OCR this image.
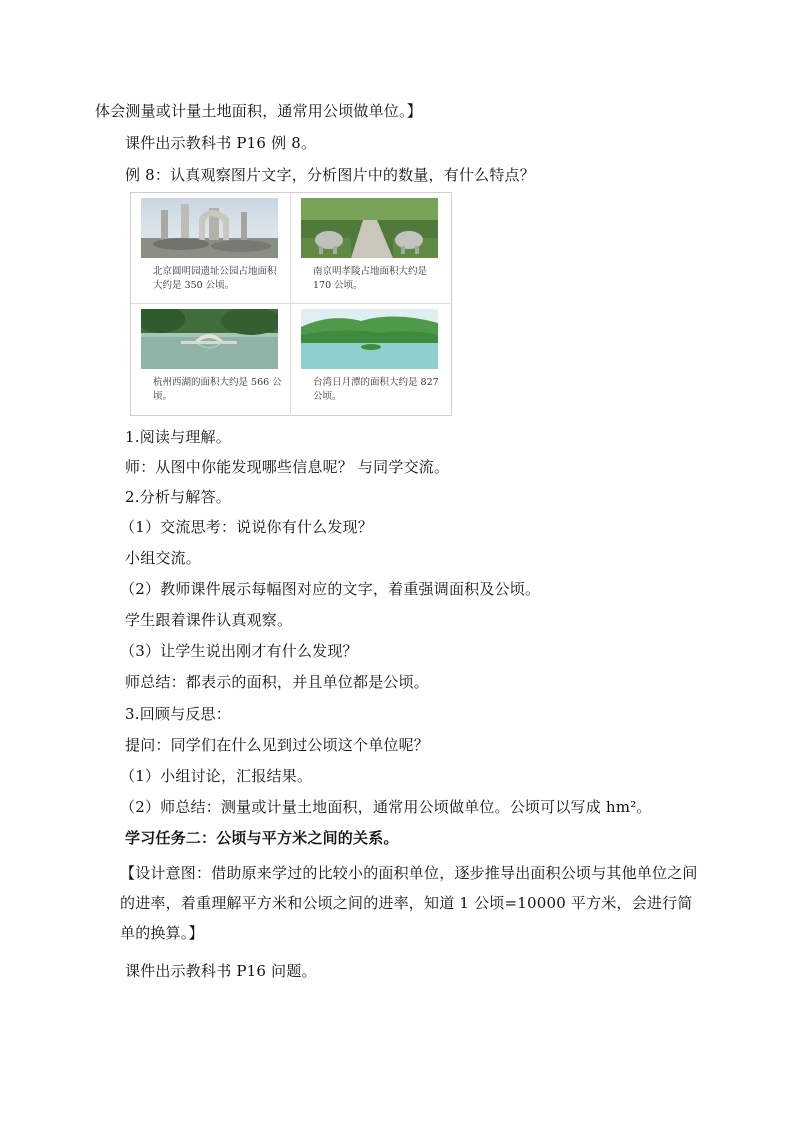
体会测量或计量土地面积，通常用公顷做单位。】
课件出示教科书 P16 例 8。
例 8：认真观察图片文字，分析图片中的数量，有什么特点？
北京圆明园遗址公园占地面积大约是 350 公顷。
南京明孝陵占地面积大约是 170 公顷。
杭州西湖的面积大约是 566 公顷。
台湾日月潭的面积大约是 827 公顷。
1.阅读与理解。
师：从图中你能发现哪些信息呢？ 与同学交流。
2.分析与解答。
（1）交流思考：说说你有什么发现？
小组交流。
（2）教师课件展示每幅图对应的文字，着重强调面积及公顷。
学生跟着课件认真观察。
（3）让学生说出刚才有什么发现？
师总结：都表示的面积，并且单位都是公顷。
3.回顾与反思：
提问：同学们在什么见到过公顷这个单位呢？
（1）小组讨论，汇报结果。
（2）师总结：测量或计量土地面积，通常用公顷做单位。公顷可以写成 hm²。
学习任务二：公顷与平方米之间的关系。
【设计意图：借助原来学过的比较小的面积单位，逐步推导出面积公顷与其他单位之间的进率，着重理解平方米和公顷之间的进率，知道 1 公顷=10000 平方米，会进行简单的换算。】
课件出示教科书 P16 问题。
